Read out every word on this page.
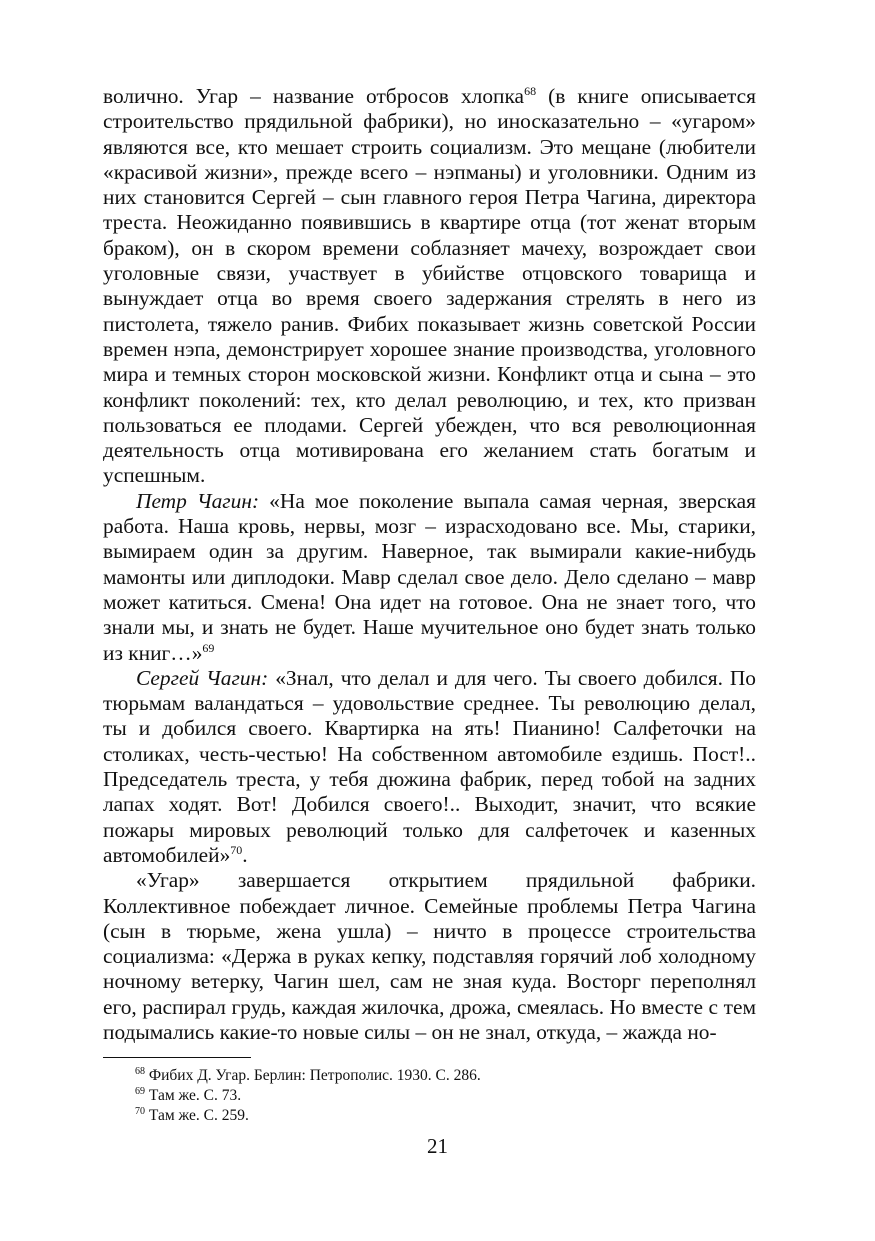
волично. Угар – название отбросов хлопка$^{68}$ (в книге описывается строительство прядильной фабрики), но иносказательно – «угаром» являются все, кто мешает строить социализм. Это мещане (любители «красивой жизни», прежде всего – нэпманы) и уголовники. Одним из них становится Сергей – сын главного героя Петра Чагина, директора треста. Неожиданно появившись в квартире отца (тот женат вторым браком), он в скором времени соблазняет мачеху, возрождает свои уголовные связи, участвует в убийстве отцовского товарища и вынуждает отца во время своего задержания стрелять в него из пистолета, тяжело ранив. Фибих показывает жизнь советской России времен нэпа, демонстрирует хорошее знание производства, уголовного мира и темных сторон московской жизни. Конфликт отца и сына – это конфликт поколений: тех, кто делал революцию, и тех, кто призван пользоваться ее плодами. Сергей убежден, что вся революционная деятельность отца мотивирована его желанием стать богатым и успешным.

Петр Чагин: «На мое поколение выпала самая черная, зверская работа. Наша кровь, нервы, мозг – израсходовано все. Мы, старики, вымираем один за другим. Наверное, так вымирали какие-нибудь мамонты или диплодоки. Мавр сделал свое дело. Дело сделано – мавр может катиться. Смена! Она идет на готовое. Она не знает того, что знали мы, и знать не будет. Наше мучительное оно будет знать только из книг…»$^{69}$

Сергей Чагин: «Знал, что делал и для чего. Ты своего добился. По тюрьмам валандаться – удовольствие среднее. Ты революцию делал, ты и добился своего. Квартирка на ять! Пианино! Салфеточки на столиках, честь-честью! На собственном автомобиле ездишь. Пост!.. Председатель треста, у тебя дюжина фабрик, перед тобой на задних лапах ходят. Вот! Добился своего!.. Выходит, значит, что всякие пожары мировых революций только для салфеточек и казенных автомобилей»$^{70}$.

«Угар» завершается открытием прядильной фабрики. Коллективное побеждает личное. Семейные проблемы Петра Чагина (сын в тюрьме, жена ушла) – ничто в процессе строительства социализма: «Держа в руках кепку, подставляя горячий лоб холодному ночному ветерку, Чагин шел, сам не зная куда. Восторг переполнял его, распирал грудь, каждая жилочка, дрожа, смеялась. Но вместе с тем подымались какие-то новые силы – он не знал, откуда, – жажда но-

$^{68}$ Фибих Д. Угар. Берлин: Петрополис. 1930. С. 286.

$^{69}$ Там же. С. 73.

$^{70}$ Там же. С. 259.

21
